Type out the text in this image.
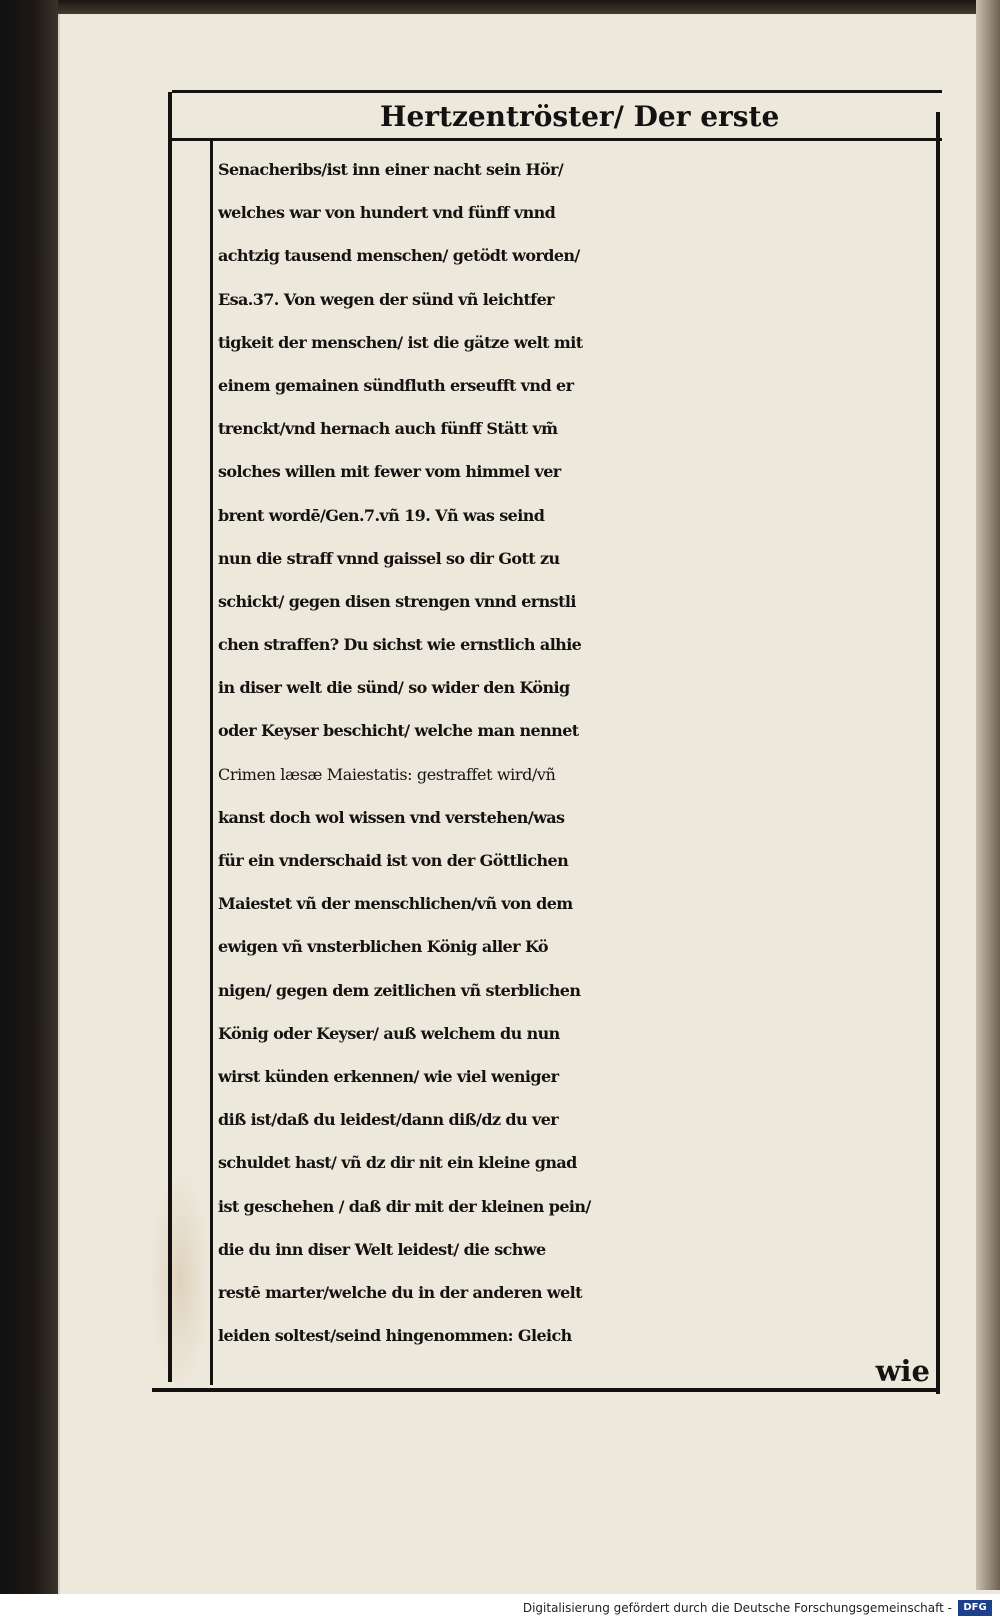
Hertzentröster/ Der erste
Senacheribs/ist inn einer nacht sein Hör/
welches war von hundert vnd fünff vnnd
achtzig tausend menschen/ getödt worden/
Esa.37. Von wegen der sünd vñ leichtfer
tigkeit der menschen/ ist die gätze welt mit
einem gemainen sündfluth erseufft vnd er
trenckt/vnd hernach auch fünff Stätt vm̃
solches willen mit fewer vom himmel ver
brent wordē/Gen.7.vñ 19. Vñ was seind
nun die straff vnnd gaissel so dir Gott zu
schickt/ gegen disen strengen vnnd ernstli
chen straffen? Du sichst wie ernstlich alhie
in diser welt die sünd/ so wider den König
oder Keyser beschicht/ welche man nennet
Crimen læsæ Maiestatis: gestraffet wird/vñ
kanst doch wol wissen vnd verstehen/was
für ein vnderschaid ist von der Göttlichen
Maiestet vñ der menschlichen/vñ von dem
ewigen vñ vnsterblichen König aller Kö
nigen/ gegen dem zeitlichen vñ sterblichen
König oder Keyser/ auß welchem du nun
wirst künden erkennen/ wie viel weniger
diß ist/daß du leidest/dann diß/dz du ver
schuldet hast/ vñ dz dir nit ein kleine gnad
ist geschehen / daß dir mit der kleinen pein/
die du inn diser Welt leidest/ die schwe
restē marter/welche du in der anderen welt
leiden soltest/seind hingenommen: Gleich
wie
Digitalisierung gefördert durch die Deutsche Forschungsgemeinschaft -	DFG
